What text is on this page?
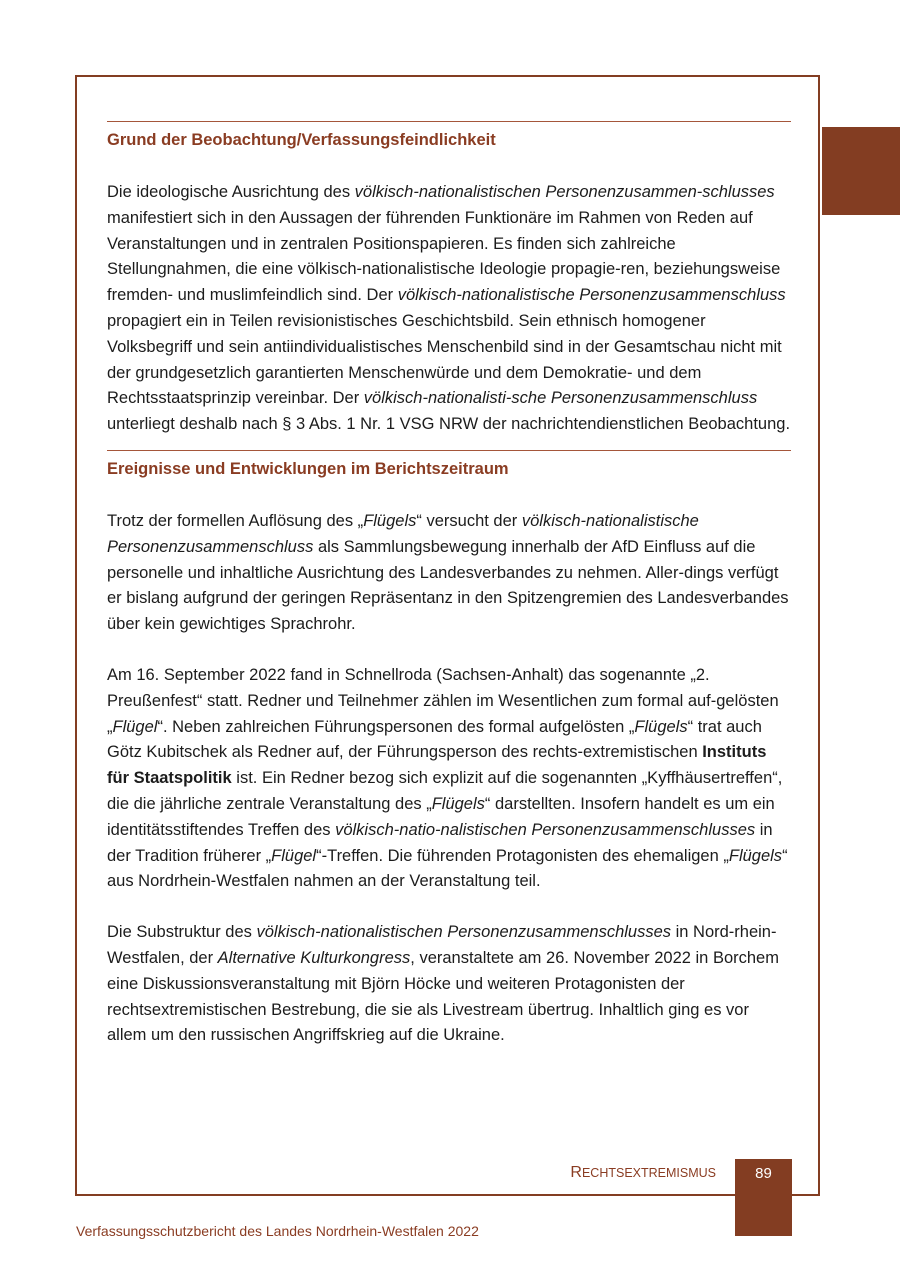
Grund der Beobachtung/Verfassungsfeindlichkeit

Die ideologische Ausrichtung des völkisch-nationalistischen Personenzusammen-schlusses manifestiert sich in den Aussagen der führenden Funktionäre im Rahmen von Reden auf Veranstaltungen und in zentralen Positionspapieren. Es finden sich zahlreiche Stellungnahmen, die eine völkisch-nationalistische Ideologie propagie-ren, beziehungsweise fremden- und muslimfeindlich sind. Der völkisch-nationalistische Personenzusammenschluss propagiert ein in Teilen revisionistisches Geschichtsbild. Sein ethnisch homogener Volksbegriff und sein antiindividualistisches Menschenbild sind in der Gesamtschau nicht mit der grundgesetzlich garantierten Menschenwürde und dem Demokratie- und dem Rechtsstaatsprinzip vereinbar. Der völkisch-nationalisti-sche Personenzusammenschluss unterliegt deshalb nach § 3 Abs. 1 Nr. 1 VSG NRW der nachrichtendienstlichen Beobachtung.

Ereignisse und Entwicklungen im Berichtszeitraum

Trotz der formellen Auflösung des „Flügels“ versucht der völkisch-nationalistische Personenzusammenschluss als Sammlungsbewegung innerhalb der AfD Einfluss auf die personelle und inhaltliche Ausrichtung des Landesverbandes zu nehmen. Aller-dings verfügt er bislang aufgrund der geringen Repräsentanz in den Spitzengremien des Landesverbandes über kein gewichtiges Sprachrohr.

Am 16. September 2022 fand in Schnellroda (Sachsen-Anhalt) das sogenannte „2. Preußenfest“ statt. Redner und Teilnehmer zählen im Wesentlichen zum formal auf-gelösten „Flügel“. Neben zahlreichen Führungspersonen des formal aufgelösten „Flügels“ trat auch Götz Kubitschek als Redner auf, der Führungsperson des rechts-extremistischen Instituts für Staatspolitik ist. Ein Redner bezog sich explizit auf die sogenannten „Kyffhäusertreffen“, die die jährliche zentrale Veranstaltung des „Flügels“ darstellten. Insofern handelt es um ein identitätsstiftendes Treffen des völkisch-natio-nalistischen Personenzusammenschlusses in der Tradition früherer „Flügel“-Treffen. Die führenden Protagonisten des ehemaligen „Flügels“ aus Nordrhein-Westfalen nahmen an der Veranstaltung teil.

Die Substruktur des völkisch-nationalistischen Personenzusammenschlusses in Nord-rhein-Westfalen, der Alternative Kulturkongress, veranstaltete am 26. November 2022 in Borchem eine Diskussionsveranstaltung mit Björn Höcke und weiteren Protagonisten der rechtsextremistischen Bestrebung, die sie als Livestream übertrug. Inhaltlich ging es vor allem um den russischen Angriffskrieg auf die Ukraine.

RECHTSEXTREMISMUS	89
Verfassungsschutzbericht des Landes Nordrhein-Westfalen 2022
